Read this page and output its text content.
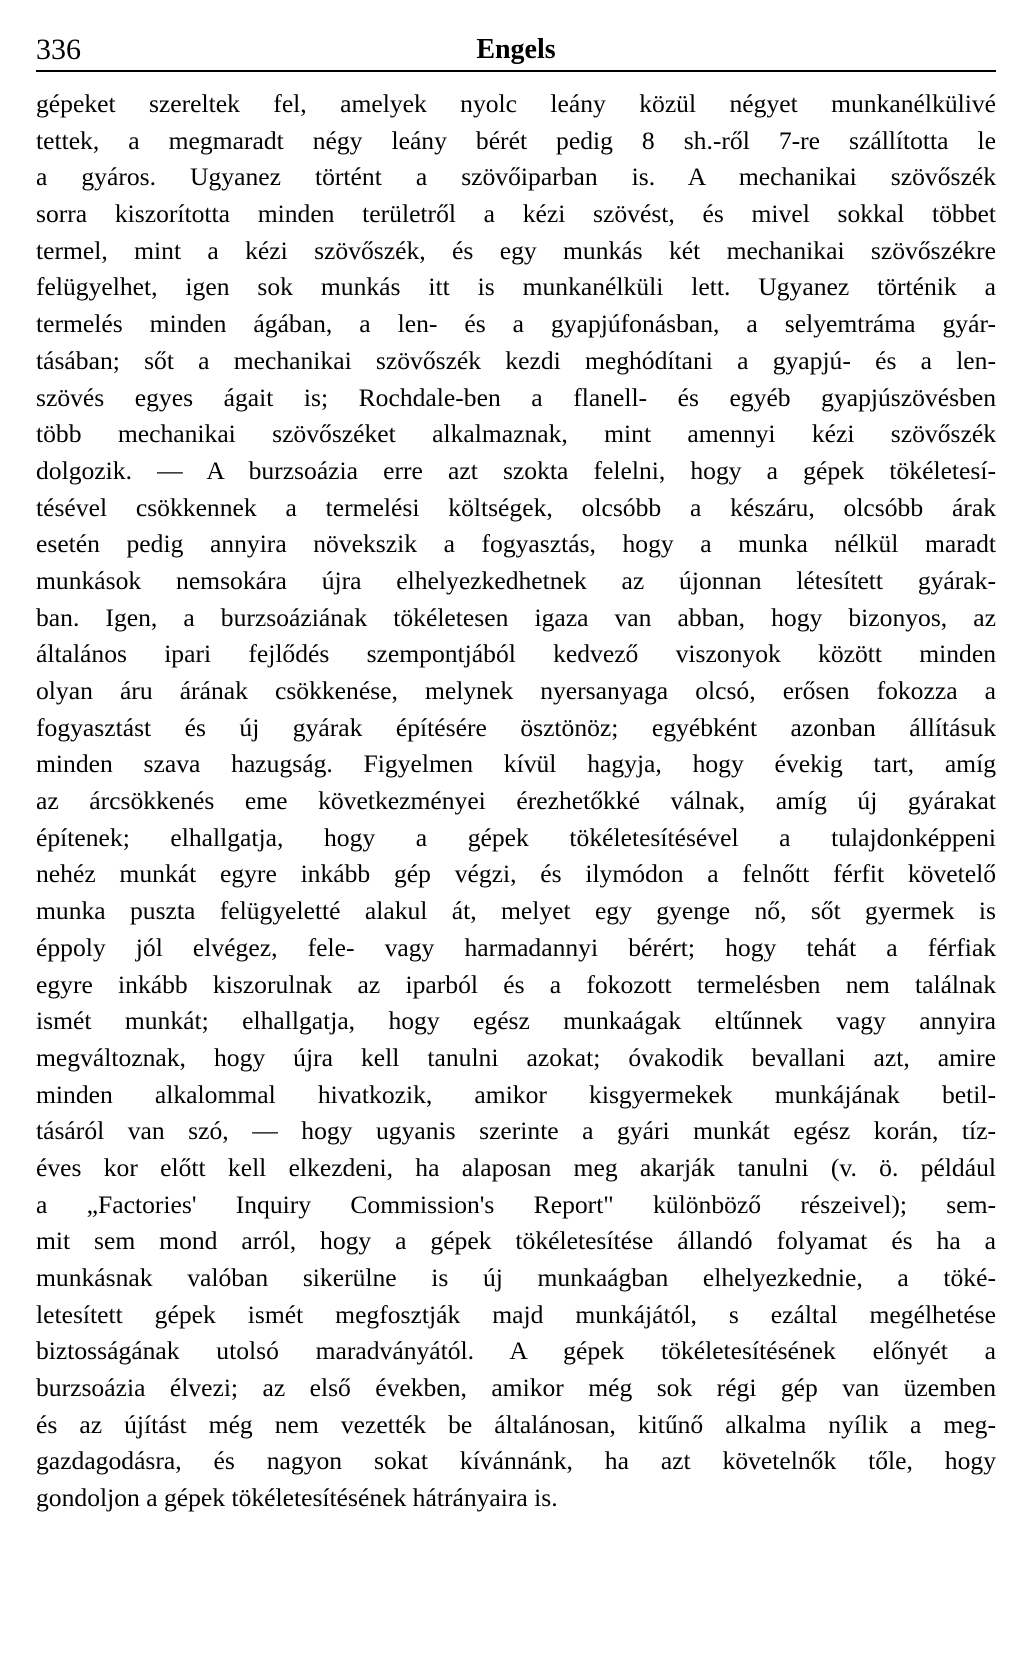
336	Engels
gépeket szereltek fel, amelyek nyolc leány közül négyet munkanélkülivé
tettek, a megmaradt négy leány bérét pedig 8 sh.-ről 7-re szállította le
a gyáros. Ugyanez történt a szövőiparban is. A mechanikai szövőszék
sorra kiszorította minden területről a kézi szövést, és mivel sokkal többet
termel, mint a kézi szövőszék, és egy munkás két mechanikai szövőszékre
felügyelhet, igen sok munkás itt is munkanélküli lett. Ugyanez történik a
termelés minden ágában, a len- és a gyapjúfonásban, a selyemtráma gyár-
tásában; sőt a mechanikai szövőszék kezdi meghódítani a gyapjú- és a len-
szövés egyes ágait is; Rochdale-ben a flanell- és egyéb gyapjúszövésben
több mechanikai szövőszéket alkalmaznak, mint amennyi kézi szövőszék
dolgozik. — A burzsoázia erre azt szokta felelni, hogy a gépek tökéletesí-
tésével csökkennek a termelési költségek, olcsóbb a készáru, olcsóbb árak
esetén pedig annyira növekszik a fogyasztás, hogy a munka nélkül maradt
munkások nemsokára újra elhelyezkedhetnek az újonnan létesített gyárak-
ban. Igen, a burzsoáziának tökéletesen igaza van abban, hogy bizonyos, az
általános ipari fejlődés szempontjából kedvező viszonyok között minden
olyan áru árának csökkenése, melynek nyersanyaga olcsó, erősen fokozza a
fogyasztást és új gyárak építésére ösztönöz; egyébként azonban állításuk
minden szava hazugság. Figyelmen kívül hagyja, hogy évekig tart, amíg
az árcsökkenés eme következményei érezhetőkké válnak, amíg új gyárakat
építenek; elhallgatja, hogy a gépek tökéletesítésével a tulajdonképpeni
nehéz munkát egyre inkább gép végzi, és ilymódon a felnőtt férfit követelő
munka puszta felügyeletté alakul át, melyet egy gyenge nő, sőt gyermek is
éppoly jól elvégez, fele- vagy harmadannyi bérért; hogy tehát a férfiak
egyre inkább kiszorulnak az iparból és a fokozott termelésben nem találnak
ismét munkát; elhallgatja, hogy egész munkaágak eltűnnek vagy annyira
megváltoznak, hogy újra kell tanulni azokat; óvakodik bevallani azt, amire
minden alkalommal hivatkozik, amikor kisgyermekek munkájának betil-
tásáról van szó, — hogy ugyanis szerinte a gyári munkát egész korán, tíz-
éves kor előtt kell elkezdeni, ha alaposan meg akarják tanulni (v. ö. például
a „Factories' Inquiry Commission's Report" különböző részeivel); sem-
mit sem mond arról, hogy a gépek tökéletesítése állandó folyamat és ha a
munkásnak valóban sikerülne is új munkaágban elhelyezkednie, a töké-
letesített gépek ismét megfosztják majd munkájától, s ezáltal megélhetése
biztosságának utolsó maradványától. A gépek tökéletesítésének előnyét a
burzsoázia élvezi; az első években, amikor még sok régi gép van üzemben
és az újítást még nem vezették be általánosan, kitűnő alkalma nyílik a meg-
gazdagodásra, és nagyon sokat kívánnánk, ha azt követelnők tőle, hogy
gondoljon a gépek tökéletesítésének hátrányaira is.
